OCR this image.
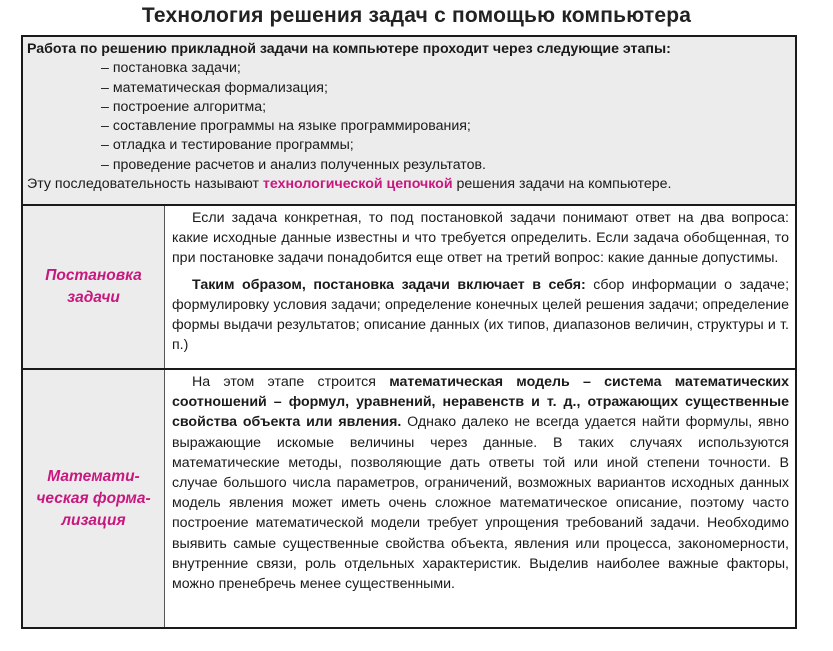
Технология решения задач с помощью компьютера
Работа по решению прикладной задачи на компьютере проходит через следующие этапы:
– постановка задачи;
– математическая формализация;
– построение алгоритма;
– составление программы на языке программирования;
– отладка и тестирование программы;
– проведение расчетов и анализ полученных результатов.
Эту последовательность называют технологической цепочкой решения задачи на компьютере.
Постановка
задачи

Если задача конкретная, то под постановкой задачи понимают ответ на два вопроса: какие исходные данные известны и что требуется определить. Если задача обобщенная, то при постановке задачи понадобится еще ответ на третий вопрос: какие данные допустимы.

Таким образом, постановка задачи включает в себя: сбор информации о задаче; формулировку условия задачи; определение конечных целей решения задачи; определение формы выдачи результатов; описание данных (их типов, диапазонов величин, структуры и т. п.)

Математи-
ческая форма-
лизация

На этом этапе строится математическая модель – система математических соотношений – формул, уравнений, неравенств и т. д., отражающих существенные свойства объекта или явления. Однако далеко не всегда удается найти формулы, явно выражающие искомые величины через данные. В таких случаях используются математические методы, позволяющие дать ответы той или иной степени точности. В случае большого числа параметров, ограничений, возможных вариантов исходных данных модель явления может иметь очень сложное математическое описание, поэтому часто построение математической модели требует упрощения требований задачи. Необходимо выявить самые существенные свойства объекта, явления или процесса, закономерности, внутренние связи, роль отдельных характеристик. Выделив наиболее важные факторы, можно пренебречь менее существенными.
